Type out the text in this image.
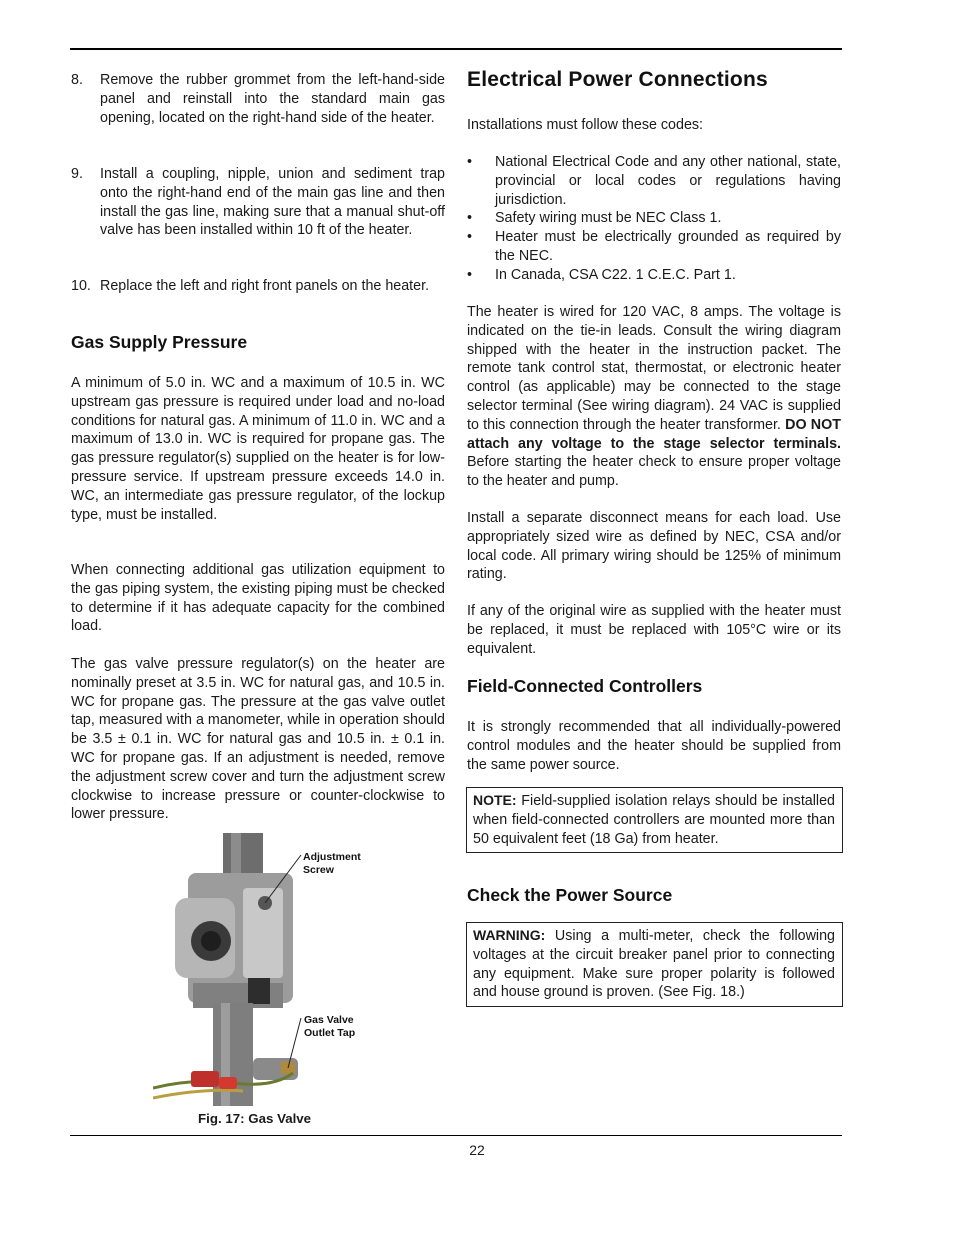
8. Remove the rubber grommet from the left-hand-side panel and reinstall into the standard main gas opening, located on the right-hand side of the heater.
9. Install a coupling, nipple, union and sediment trap onto the right-hand end of the main gas line and then install the gas line, making sure that a manual shut-off valve has been installed within 10 ft of the heater.
10. Replace the left and right front panels on the heater.
Gas Supply Pressure

A minimum of 5.0 in. WC and a maximum of 10.5 in. WC upstream gas pressure is required under load and no-load conditions for natural gas. A minimum of 11.0 in. WC and a maximum of 13.0 in. WC is required for propane gas. The gas pressure regulator(s) supplied on the heater is for low-pressure service. If upstream pressure exceeds 14.0 in. WC, an intermediate gas pressure regulator, of the lockup type, must be installed.

When connecting additional gas utilization equipment to the gas piping system, the existing piping must be checked to determine if it has adequate capacity for the combined load.

The gas valve pressure regulator(s) on the heater are nominally preset at 3.5 in. WC for natural gas, and 10.5 in. WC for propane gas. The pressure at the gas valve outlet tap, measured with a manometer, while in operation should be 3.5 ± 0.1 in. WC for natural gas and 10.5 in. ± 0.1 in. WC for propane gas. If an adjustment is needed, remove the adjustment screw cover and turn the adjustment screw clockwise to increase pressure or counter-clockwise to lower pressure.

Adjustment Screw
Gas Valve Outlet Tap
Fig. 17: Gas Valve
Electrical Power Connections

Installations must follow these codes:

• National Electrical Code and any other national, state, provincial or local codes or regulations having jurisdiction.
• Safety wiring must be NEC Class 1.
• Heater must be electrically grounded as required by the NEC.
• In Canada, CSA C22. 1 C.E.C. Part 1.

The heater is wired for 120 VAC, 8 amps. The voltage is indicated on the tie-in leads. Consult the wiring diagram shipped with the heater in the instruction packet. The remote tank control stat, thermostat, or electronic heater control (as applicable) may be connected to the stage selector terminal (See wiring diagram). 24 VAC is supplied to this connection through the heater transformer. DO NOT attach any voltage to the stage selector terminals. Before starting the heater check to ensure proper voltage to the heater and pump.

Install a separate disconnect means for each load. Use appropriately sized wire as defined by NEC, CSA and/or local code. All primary wiring should be 125% of minimum rating.

If any of the original wire as supplied with the heater must be replaced, it must be replaced with 105°C wire or its equivalent.

Field-Connected Controllers

It is strongly recommended that all individually-powered control modules and the heater should be supplied from the same power source.

NOTE: Field-supplied isolation relays should be installed when field-connected controllers are mounted more than 50 equivalent feet (18 Ga) from heater.
Check the Power Source
WARNING: Using a multi-meter, check the following voltages at the circuit breaker panel prior to connecting any equipment. Make sure proper polarity is followed and house ground is proven. (See Fig. 18.)
22
